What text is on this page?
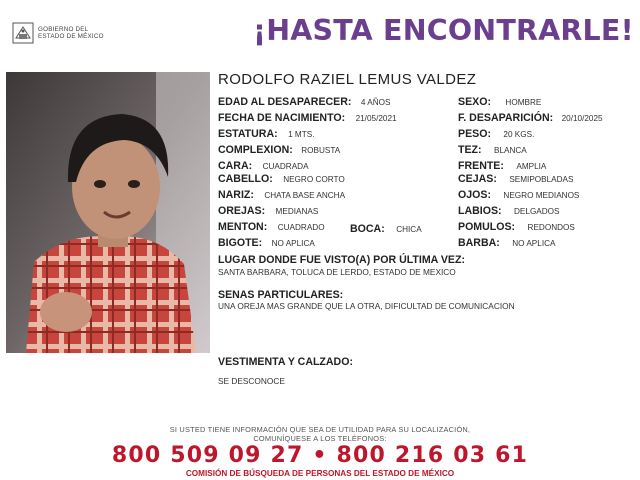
GOBIERNO DEL
ESTADO DE MÉXICO	¡HASTA ENCONTRARLE!
RODOLFO RAZIEL LEMUS VALDEZ
EDAD AL DESAPARECER: 4 AÑOS
FECHA DE NACIMIENTO: 21/05/2021
ESTATURA: 1 MTS.
COMPLEXION: ROBUSTA
CARA: CUADRADA
CABELLO: NEGRO CORTO
NARIZ: CHATA BASE ANCHA
OREJAS: MEDIANAS
MENTON: CUADRADO BOCA: CHICA
BIGOTE: NO APLICA
SEXO: HOMBRE
F. DESAPARICIÓN: 20/10/2025
PESO: 20 KGS.
TEZ: BLANCA
FRENTE: AMPLIA
CEJAS: SEMIPOBLADAS
OJOS: NEGRO MEDIANOS
LABIOS: DELGADOS
POMULOS: REDONDOS
BARBA: NO APLICA
LUGAR DONDE FUE VISTO(A) POR ÚLTIMA VEZ:
SANTA BARBARA, TOLUCA DE LERDO, ESTADO DE MEXICO
SENAS PARTICULARES:
UNA OREJA MAS GRANDE QUE LA OTRA, DIFICULTAD DE COMUNICACION
VESTIMENTA Y CALZADO:
SE DESCONOCE
SI USTED TIENE INFORMACIÓN QUE SEA DE UTILIDAD PARA SU LOCALIZACIÓN,
COMUNÍQUESE A LOS TELÉFONOS:
800 509 09 27 • 800 216 03 61
COMISIÓN DE BÚSQUEDA DE PERSONAS DEL ESTADO DE MÉXICO
